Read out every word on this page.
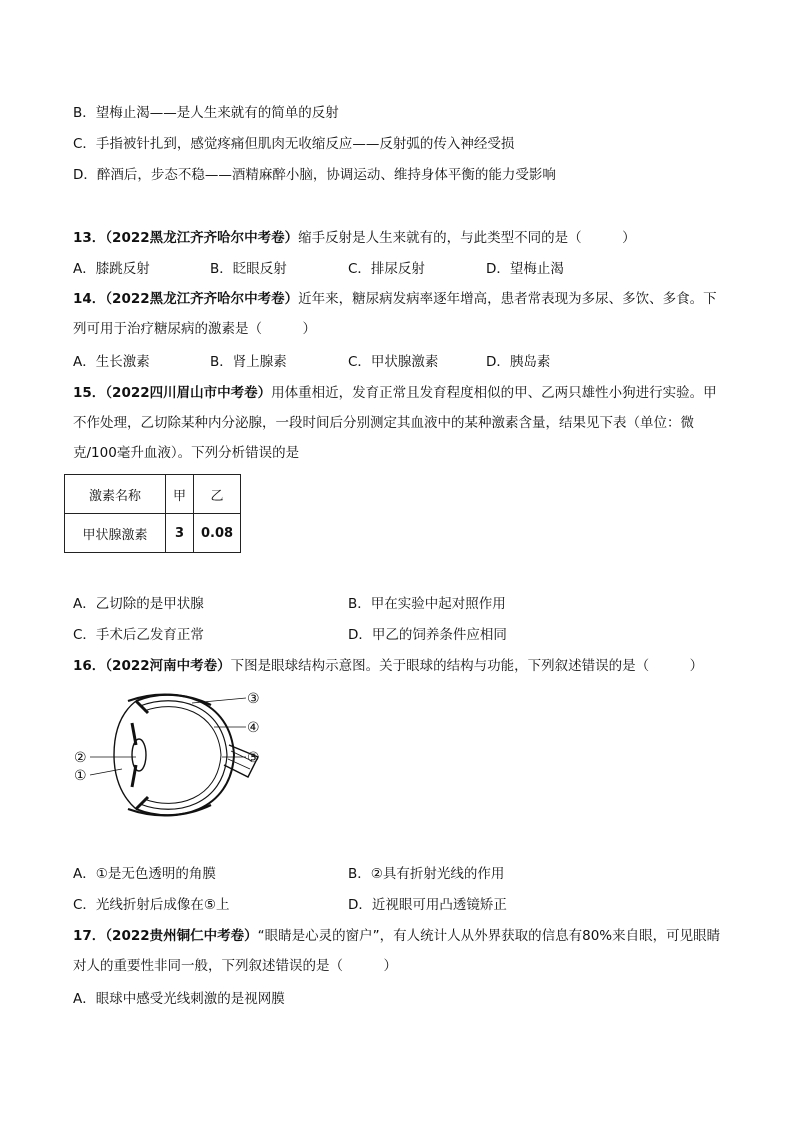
B．望梅止渴——是人生来就有的简单的反射
C．手指被针扎到，感觉疼痛但肌肉无收缩反应——反射弧的传入神经受损
D．醉酒后，步态不稳——酒精麻醉小脑，协调运动、维持身体平衡的能力受影响
13．（2022黑龙江齐齐哈尔中考卷）缩手反射是人生来就有的，与此类型不同的是（　　　）
A．膝跳反射	B．眨眼反射	C．排尿反射	D．望梅止渴
14．（2022黑龙江齐齐哈尔中考卷）近年来，糖尿病发病率逐年增高，患者常表现为多尿、多饮、多食。下列可用于治疗糖尿病的激素是（　　　）
A．生长激素	B．肾上腺素	C．甲状腺激素	D．胰岛素
15．（2022四川眉山市中考卷）用体重相近，发育正常且发育程度相似的甲、乙两只雄性小狗进行实验。甲不作处理，乙切除某种内分泌腺，一段时间后分别测定其血液中的某种激素含量，结果见下表（单位：微克/100毫升血液）。下列分析错误的是
激素名称	甲	乙
甲状腺激素	3	0.08
A．乙切除的是甲状腺	B．甲在实验中起对照作用
C．手术后乙发育正常	D．甲乙的饲养条件应相同
16．（2022河南中考卷）下图是眼球结构示意图。关于眼球的结构与功能，下列叙述错误的是（　　　）
③
④
⑤
②
①
A．①是无色透明的角膜	B．②具有折射光线的作用
C．光线折射后成像在⑤上	D．近视眼可用凸透镜矫正
17．（2022贵州铜仁中考卷）“眼睛是心灵的窗户”，有人统计人从外界获取的信息有80%来自眼，可见眼睛对人的重要性非同一般，下列叙述错误的是（　　　）
A．眼球中感受光线刺激的是视网膜
